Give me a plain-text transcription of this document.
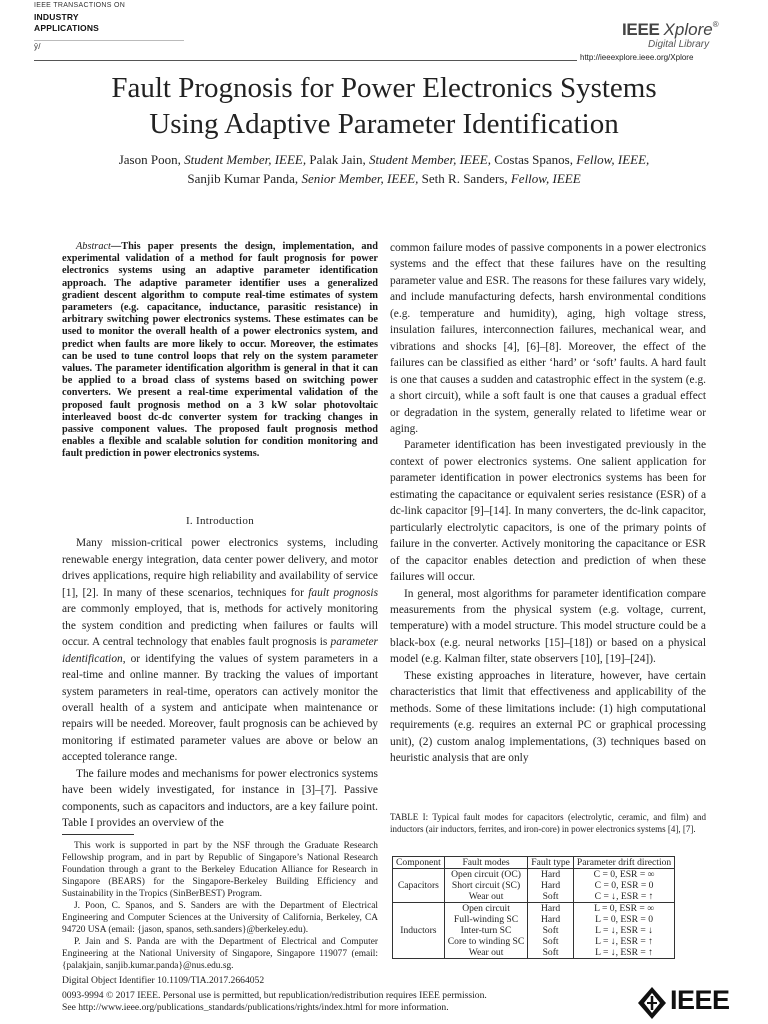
IEEE TRANSACTIONS ON
INDUSTRY
APPLICATIONS
ȳ/
IEEE Xplore®
Digital Library
http://ieeexplore.ieee.org/Xplore
Fault Prognosis for Power Electronics Systems
Using Adaptive Parameter Identification
Jason Poon, Student Member, IEEE, Palak Jain, Student Member, IEEE, Costas Spanos, Fellow, IEEE,
Sanjib Kumar Panda, Senior Member, IEEE, Seth R. Sanders, Fellow, IEEE

Abstract—This paper presents the design, implementation, and experimental validation of a method for fault prognosis for power electronics systems using an adaptive parameter identification approach. The adaptive parameter identifier uses a generalized gradient descent algorithm to compute real-time estimates of system parameters (e.g. capacitance, inductance, parasitic resistance) in arbitrary switching power electronics systems. These estimates can be used to monitor the overall health of a power electronics system, and predict when faults are more likely to occur. Moreover, the estimates can be used to tune control loops that rely on the system parameter values. The parameter identification algorithm is general in that it can be applied to a broad class of systems based on switching power converters. We present a real-time experimental validation of the proposed fault prognosis method on a 3 kW solar photovoltaic interleaved boost dc-dc converter system for tracking changes in passive component values. The proposed fault prognosis method enables a flexible and scalable solution for condition monitoring and fault prediction in power electronics systems.

I. Introduction

Many mission-critical power electronics systems, including renewable energy integration, data center power delivery, and motor drives applications, require high reliability and availability of service [1], [2]. In many of these scenarios, techniques for fault prognosis are commonly employed, that is, methods for actively monitoring the system condition and predicting when failures or faults will occur. A central technology that enables fault prognosis is parameter identification, or identifying the values of system parameters in a real-time and online manner. By tracking the values of important system parameters in real-time, operators can actively monitor the overall health of a system and anticipate when maintenance or repairs will be needed. Moreover, fault prognosis can be achieved by monitoring if estimated parameter values are above or below an accepted tolerance range.

The failure modes and mechanisms for power electronics systems have been widely investigated, for instance in [3]–[7]. Passive components, such as capacitors and inductors, are a key failure point. Table I provides an overview of the

This work is supported in part by the NSF through the Graduate Research Fellowship program, and in part by Republic of Singapore’s National Research Foundation through a grant to the Berkeley Education Alliance for Research in Singapore (BEARS) for the Singapore-Berkeley Building Efficiency and Sustainability in the Tropics (SinBerBEST) Program.

J. Poon, C. Spanos, and S. Sanders are with the Department of Electrical Engineering and Computer Sciences at the University of California, Berkeley, CA 94720 USA (email: {jason, spanos, seth.sanders}@berkeley.edu).

P. Jain and S. Panda are with the Department of Electrical and Computer Engineering at the National University of Singapore, Singapore 119077 (email: {palakjain, sanjib.kumar.panda}@nus.edu.sg.

common failure modes of passive components in a power electronics systems and the effect that these failures have on the resulting parameter value and ESR. The reasons for these failures vary widely, and include manufacturing defects, harsh environmental conditions (e.g. temperature and humidity), aging, high voltage stress, insulation failures, interconnection failures, mechanical wear, and vibrations and shocks [4], [6]–[8]. Moreover, the effect of the failures can be classified as either ‘hard’ or ‘soft’ faults. A hard fault is one that causes a sudden and catastrophic effect in the system (e.g. a short circuit), while a soft fault is one that causes a gradual effect or degradation in the system, generally related to lifetime wear or aging.

Parameter identification has been investigated previously in the context of power electronics systems. One salient application for parameter identification in power electronics systems has been for estimating the capacitance or equivalent series resistance (ESR) of a dc-link capacitor [9]–[14]. In many converters, the dc-link capacitor, particularly electrolytic capacitors, is one of the primary points of failure in the converter. Actively monitoring the capacitance or ESR of the capacitor enables detection and prediction of when these failures will occur.

In general, most algorithms for parameter identification compare measurements from the physical system (e.g. voltage, current, temperature) with a model structure. This model structure could be a black-box (e.g. neural networks [15]–[18]) or based on a physical model (e.g. Kalman filter, state observers [10], [19]–[24]).

These existing approaches in literature, however, have certain characteristics that limit that effectiveness and applicability of the methods. Some of these limitations include: (1) high computational requirements (e.g. requires an external PC or graphical processing unit), (2) custom analog implementations, (3) techniques based on heuristic analysis that are only

TABLE I: Typical fault modes for capacitors (electrolytic, ceramic, and film) and inductors (air inductors, ferrites, and iron-core) in power electronics systems [4], [7].
Component	Fault modes	Fault type	Parameter drift direction
Capacitors	Open circuit (OC)	Hard	C = 0, ESR = ∞
	Short circuit (SC)	Hard	C = 0, ESR = 0
	Wear out	Soft	C = ↓, ESR = ↑
Inductors	Open circuit	Hard	L = 0, ESR = ∞
	Full-winding SC	Hard	L = 0, ESR = 0
	Inter-turn SC	Soft	L = ↓, ESR = ↓
	Core to winding SC	Soft	L = ↓, ESR = ↑
	Wear out	Soft	L = ↓, ESR = ↑
Digital Object Identifier 10.1109/TIA.2017.2664052
0093-9994 © 2017 IEEE. Personal use is permitted, but republication/redistribution requires IEEE permission.
See http://www.ieee.org/publications_standards/publications/rights/index.html for more information.	IEEE
